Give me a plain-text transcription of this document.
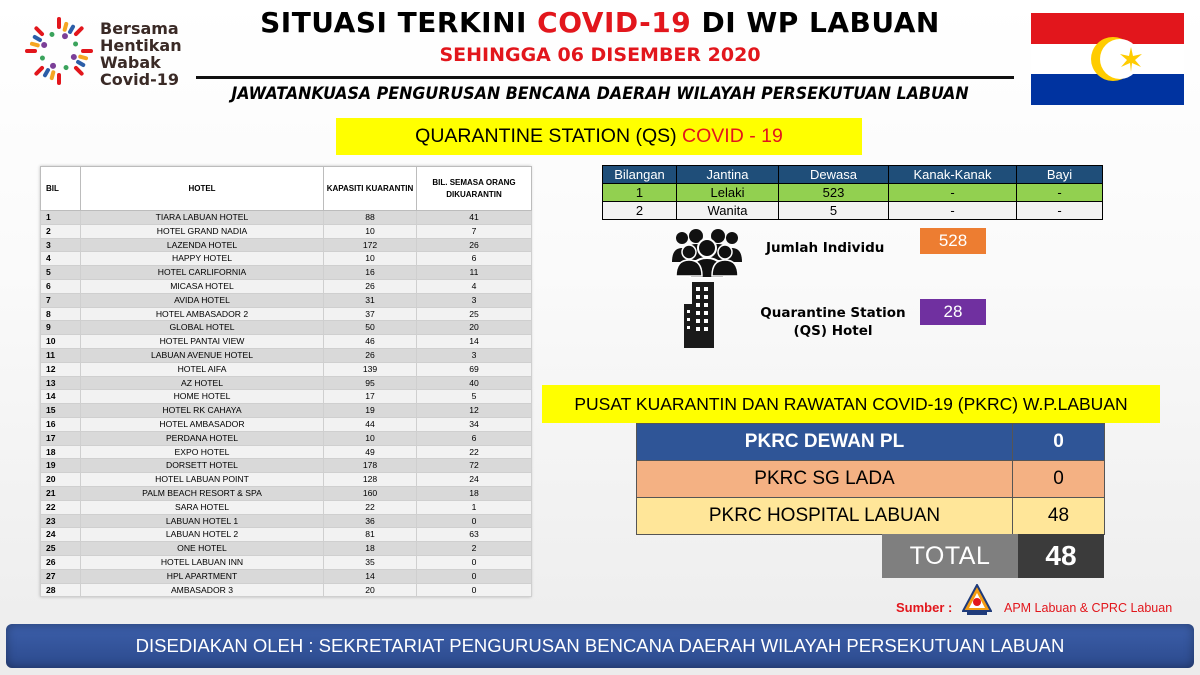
Bersama
Hentikan
Wabak
Covid-19
SITUASI TERKINI COVID-19 DI WP LABUAN
SEHINGGA 06 DISEMBER 2020
JAWATANKUASA PENGURUSAN BENCANA DAERAH WILAYAH PERSEKUTUAN LABUAN
QUARANTINE STATION (QS) COVID - 19
BIL	HOTEL	KAPASITI KUARANTIN	BIL. SEMASA ORANG DIKUARANTIN
1	TIARA LABUAN HOTEL	88	41
2	HOTEL GRAND NADIA	10	7
3	LAZENDA HOTEL	172	26
4	HAPPY HOTEL	10	6
5	HOTEL CARLIFORNIA	16	11
6	MICASA HOTEL	26	4
7	AVIDA HOTEL	31	3
8	HOTEL AMBASADOR 2	37	25
9	GLOBAL HOTEL	50	20
10	HOTEL PANTAI VIEW	46	14
11	LABUAN AVENUE HOTEL	26	3
12	HOTEL AIFA	139	69
13	AZ HOTEL	95	40
14	HOME HOTEL	17	5
15	HOTEL RK CAHAYA	19	12
16	HOTEL AMBASADOR	44	34
17	PERDANA HOTEL	10	6
18	EXPO HOTEL	49	22
19	DORSETT HOTEL	178	72
20	HOTEL LABUAN POINT	128	24
21	PALM BEACH RESORT & SPA	160	18
22	SARA HOTEL	22	1
23	LABUAN HOTEL 1	36	0
24	LABUAN HOTEL 2	81	63
25	ONE HOTEL	18	2
26	HOTEL LABUAN INN	35	0
27	HPL APARTMENT	14	0
28	AMBASADOR 3	20	0
Bilangan	Jantina	Dewasa	Kanak-Kanak	Bayi
1	Lelaki	523	-	-
2	Wanita	5	-	-
Jumlah Individu	528
Quarantine Station
(QS) Hotel
28
PUSAT KUARANTIN DAN RAWATAN COVID-19 (PKRC) W.P.LABUAN
PKRC DEWAN PL	0
PKRC SG LADA	0
PKRC HOSPITAL LABUAN	48
TOTAL	48
Sumber :	APM Labuan & CPRC Labuan
DISEDIAKAN OLEH : SEKRETARIAT PENGURUSAN BENCANA DAERAH WILAYAH PERSEKUTUAN LABUAN
